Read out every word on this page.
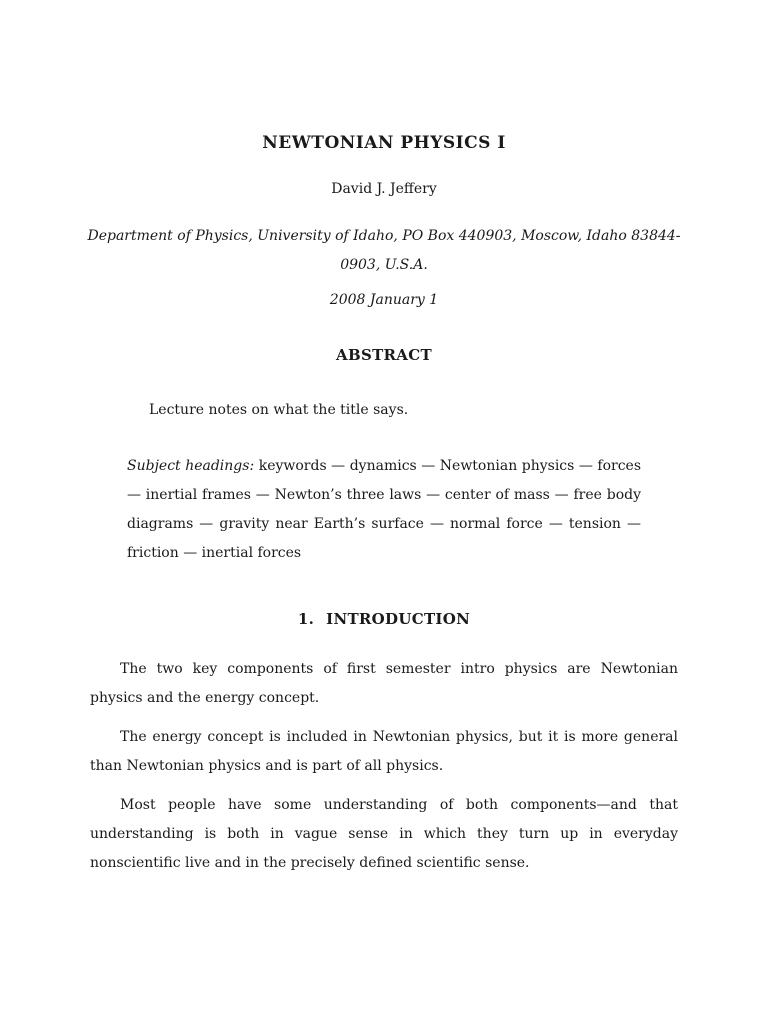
NEWTONIAN PHYSICS I
David J. Jeffery
Department of Physics, University of Idaho, PO Box 440903, Moscow, Idaho 83844-0903, U.S.A.
2008 January 1
ABSTRACT
Lecture notes on what the title says.
Subject headings: keywords — dynamics — Newtonian physics — forces — inertial frames — Newton’s three laws — center of mass — free body diagrams — gravity near Earth’s surface — normal force — tension — friction — inertial forces
1. INTRODUCTION

The two key components of first semester intro physics are Newtonian physics and the energy concept.

The energy concept is included in Newtonian physics, but it is more general than Newtonian physics and is part of all physics.

Most people have some understanding of both components—and that understanding is both in vague sense in which they turn up in everyday nonscientific live and in the precisely defined scientific sense.
